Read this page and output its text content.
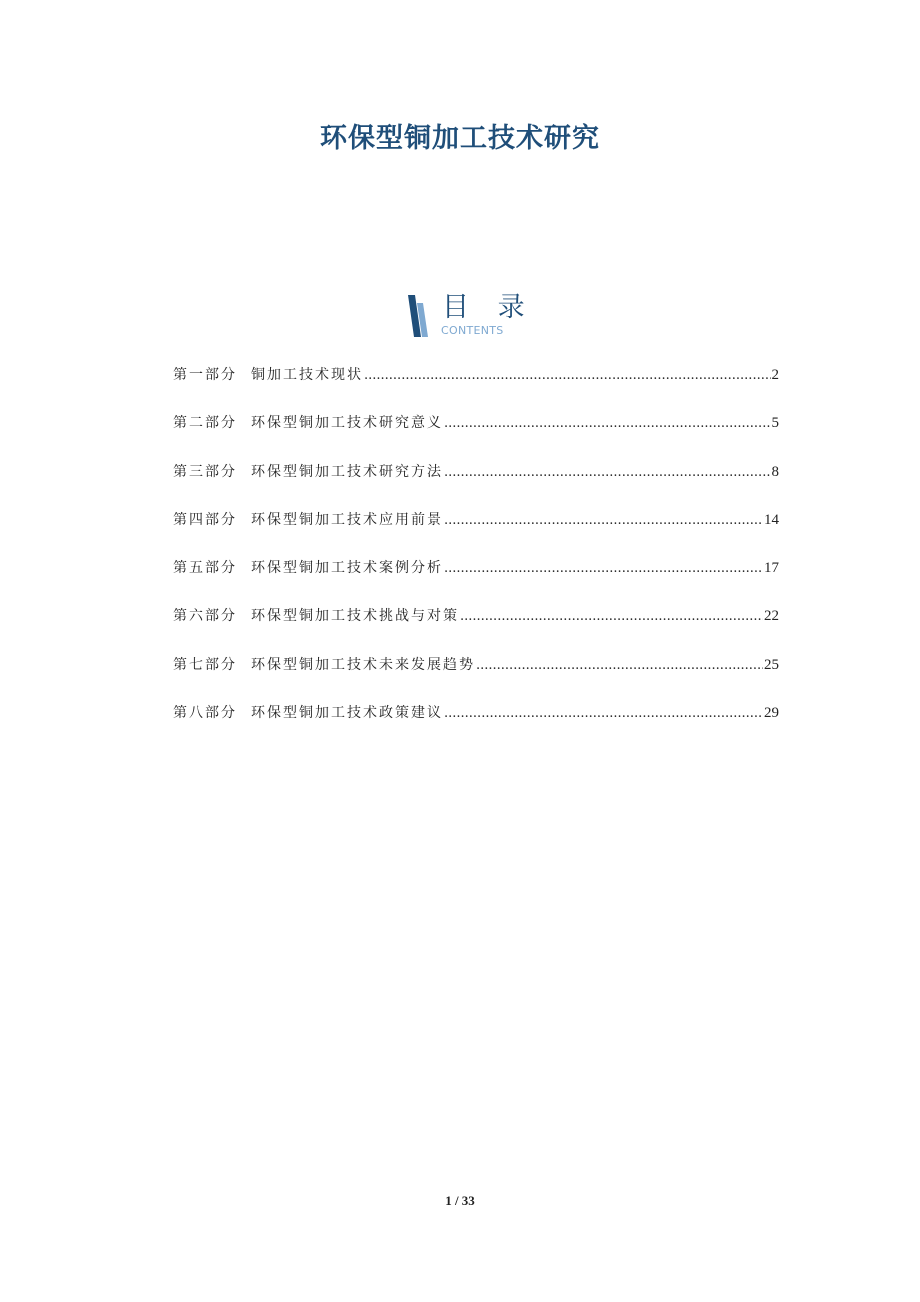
环保型铜加工技术研究
目 录
CONTENTS
第一部分 铜加工技术现状 .....	2
第二部分 环保型铜加工技术研究意义 .....	5
第三部分 环保型铜加工技术研究方法 .....	8
第四部分 环保型铜加工技术应用前景 .....	14
第五部分 环保型铜加工技术案例分析 .....	17
第六部分 环保型铜加工技术挑战与对策 .....	22
第七部分 环保型铜加工技术未来发展趋势 .....	25
第八部分 环保型铜加工技术政策建议 .....	29
1 / 33
